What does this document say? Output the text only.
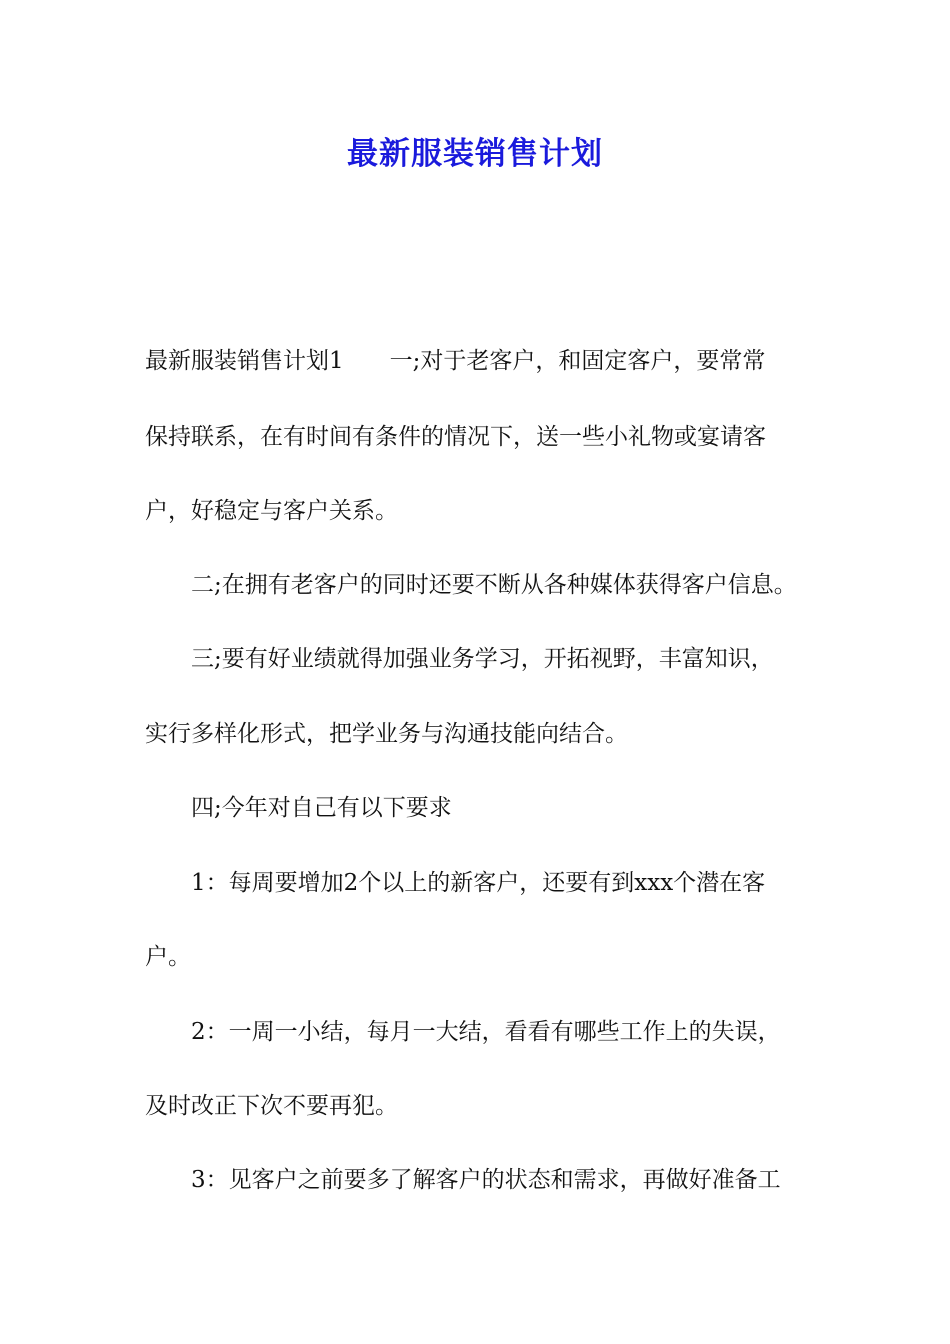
最新服装销售计划

最新服装销售计划1　　一;对于老客户，和固定客户，要常常

保持联系，在有时间有条件的情况下，送一些小礼物或宴请客

户，好稳定与客户关系。

二;在拥有老客户的同时还要不断从各种媒体获得客户信息。

三;要有好业绩就得加强业务学习，开拓视野，丰富知识，

实行多样化形式，把学业务与沟通技能向结合。

四;今年对自己有以下要求

1：每周要增加2个以上的新客户，还要有到xxx个潜在客

户。

2：一周一小结，每月一大结，看看有哪些工作上的失误，

及时改正下次不要再犯。

3：见客户之前要多了解客户的状态和需求，再做好准备工
